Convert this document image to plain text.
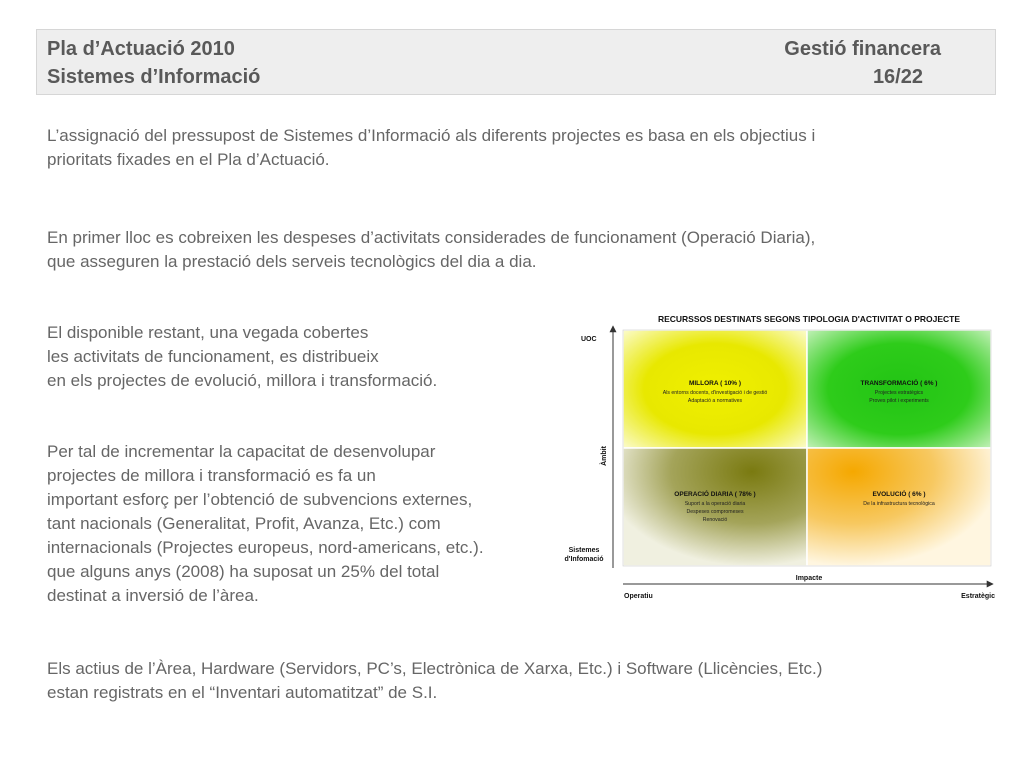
Pla d’Actuació 2010
Sistemes d’Informació
Gestió financera
16/22
L’assignació del pressupost de Sistemes d’Informació als diferents projectes es basa en els objectius i
prioritats fixades en el Pla d’Actuació.
En primer lloc es cobreixen les despeses d’activitats considerades de funcionament (Operació Diaria),
que asseguren la prestació dels serveis tecnològics del dia a dia.
El disponible restant, una vegada cobertes
les activitats de funcionament, es distribueix
en els projectes de evolució, millora i transformació.
Per tal de incrementar la capacitat de desenvolupar
projectes de millora i transformació es fa un
important esforç per l’obtenció de subvencions externes,
tant nacionals (Generalitat, Profit, Avanza, Etc.) com
internacionals (Projectes europeus, nord-americans, etc.).
que alguns anys (2008) ha suposat un 25% del total
destinat a inversió de l’àrea.
Els actius de l’Àrea, Hardware (Servidors, PC’s, Electrònica de Xarxa, Etc.) i Software (Llicències, Etc.)
estan registrats en el “Inventari automatitzat” de S.I.
RECURSSOS DESTINATS SEGONS TIPOLOGIA D'ACTIVITAT O PROJECTE
MILLORA ( 10% )
Als entorns docents, d'investigació i de gestió
Adaptació a normatives
TRANSFORMACIÓ ( 6% )
Projectes estratègics
Proves pilot i experiments
OPERACIÓ DIARIA ( 78% )
Suport a la operació diaria
Despeses compromeses
Renovació
EVOLUCIÓ ( 6% )
De la infrastructura tecnològica
UOC
Àmbit
Sistemes d'Infomació
Impacte
Operatiu	Estratègic
